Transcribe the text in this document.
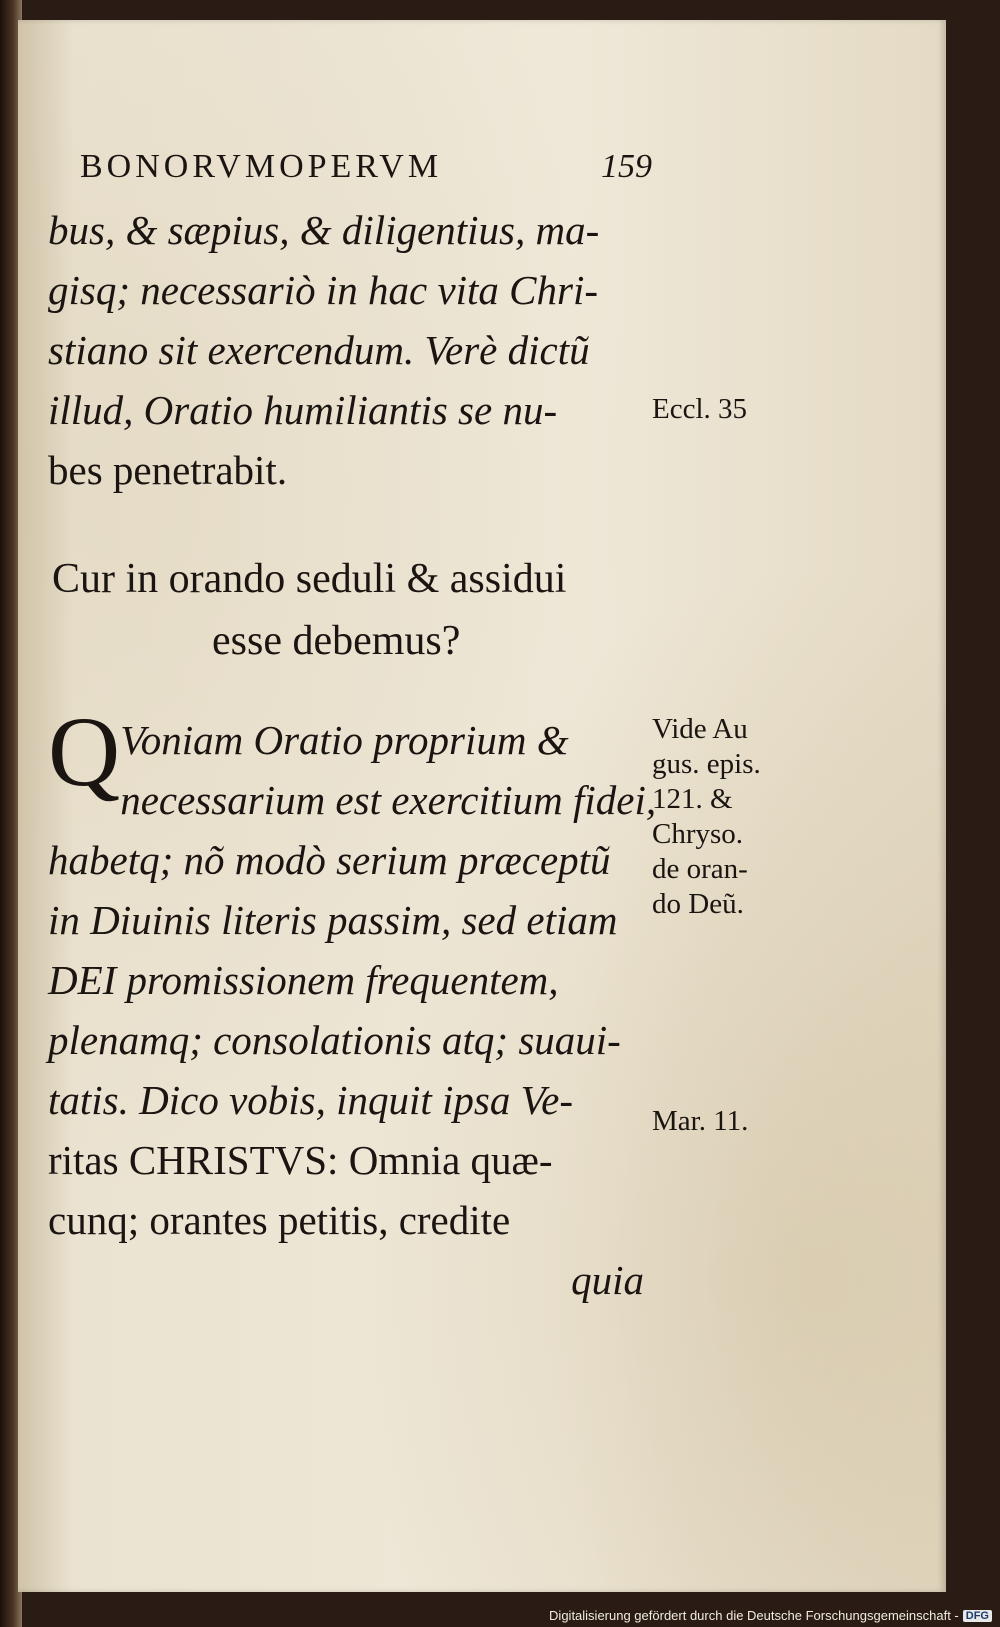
BONORVMOPERVM	159
bus, & sæpius, & diligentius, ma-
gisq; necessariò in hac vita Chri-
stiano sit exercendum. Verè dictũ
illud, Oratio humiliantis se nu-
bes penetrabit.
Eccl. 35
Cur in orando seduli & assidui
esse debemus?
Q Voniam Oratio proprium &
necessarium est exercitium fidei,
habetq; nõ modò serium præceptũ
in Diuinis literis passim, sed etiam
DEI promissionem frequentem,
plenamq; consolationis atq; suaui-
tatis. Dico vobis, inquit ipsa Ve-
ritas CHRISTVS: Omnia quæ-
cunq; orantes petitis, credite
quia
Vide Au
gus. epis.
121. &
Chryso.
de oran-
do Deũ.
Mar. 11.
Digitalisierung gefördert durch die Deutsche Forschungsgemeinschaft - DFG
